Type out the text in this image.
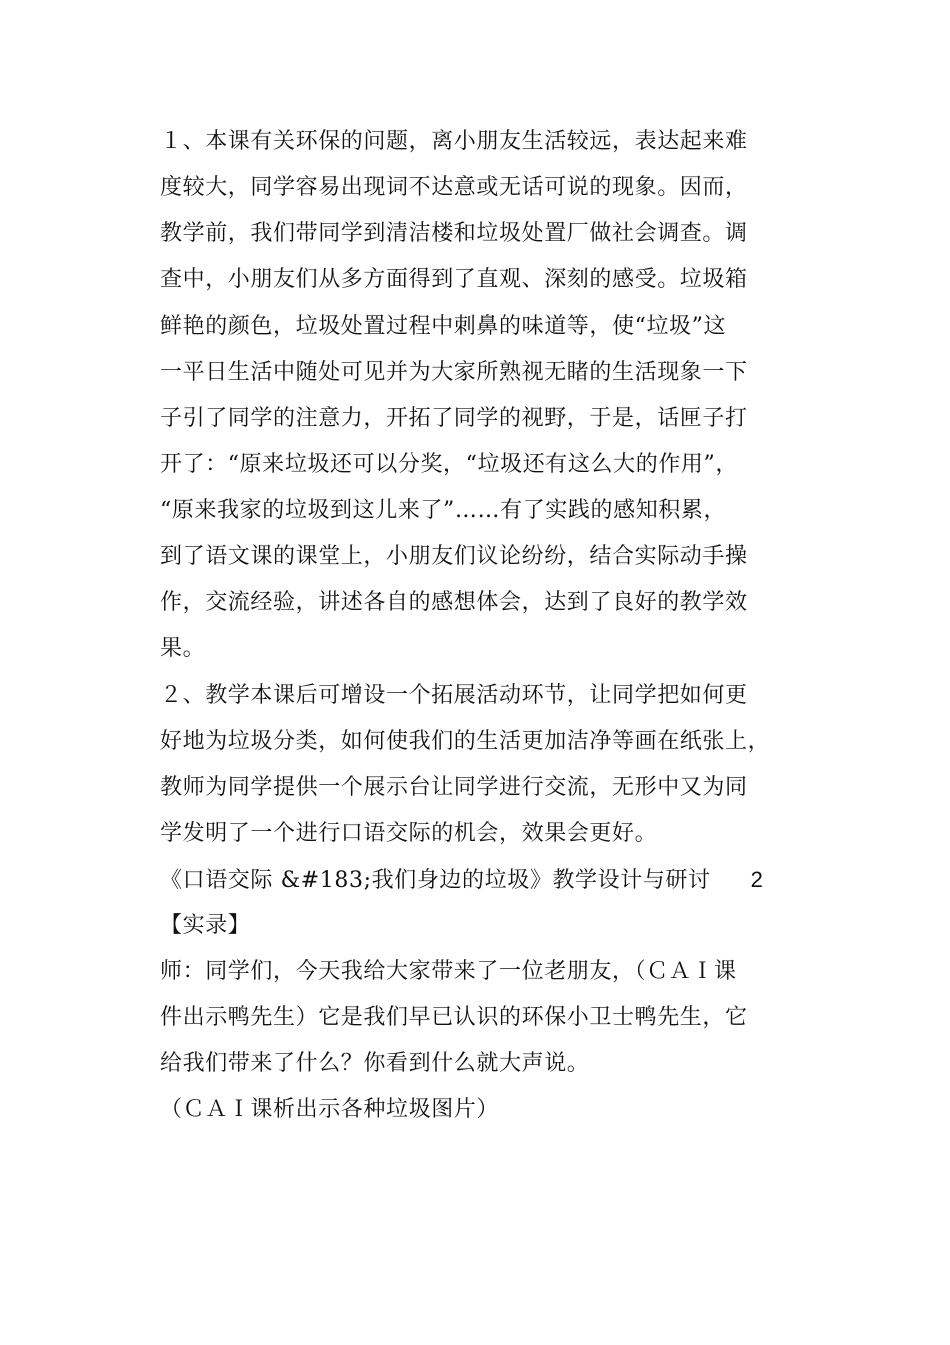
１、本课有关环保的问题，离小朋友生活较远，表达起来难
度较大，同学容易出现词不达意或无话可说的现象。因而，
教学前，我们带同学到清洁楼和垃圾处置厂做社会调查。调
查中，小朋友们从多方面得到了直观、深刻的感受。垃圾箱
鲜艳的颜色，垃圾处置过程中刺鼻的味道等，使“垃圾”这
一平日生活中随处可见并为大家所熟视无睹的生活现象一下
子引了同学的注意力，开拓了同学的视野，于是，话匣子打
开了：“原来垃圾还可以分奖，“垃圾还有这么大的作用”，
“原来我家的垃圾到这儿来了”……有了实践的感知积累，
到了语文课的课堂上，小朋友们议论纷纷，结合实际动手操
作，交流经验，讲述各自的感想体会，达到了良好的教学效
果。
２、教学本课后可增设一个拓展活动环节，让同学把如何更
好地为垃圾分类，如何使我们的生活更加洁净等画在纸张上，
教师为同学提供一个展示台让同学进行交流，无形中又为同
学发明了一个进行口语交际的机会，效果会更好。
《口语交际 &#183;我们身边的垃圾》教学设计与研讨 2
【实录】
师：同学们，今天我给大家带来了一位老朋友，（ＣＡＩ课
件出示鸭先生）它是我们早已认识的环保小卫士鸭先生，它
给我们带来了什么？你看到什么就大声说。
（ＣＡＩ课析出示各种垃圾图片）
